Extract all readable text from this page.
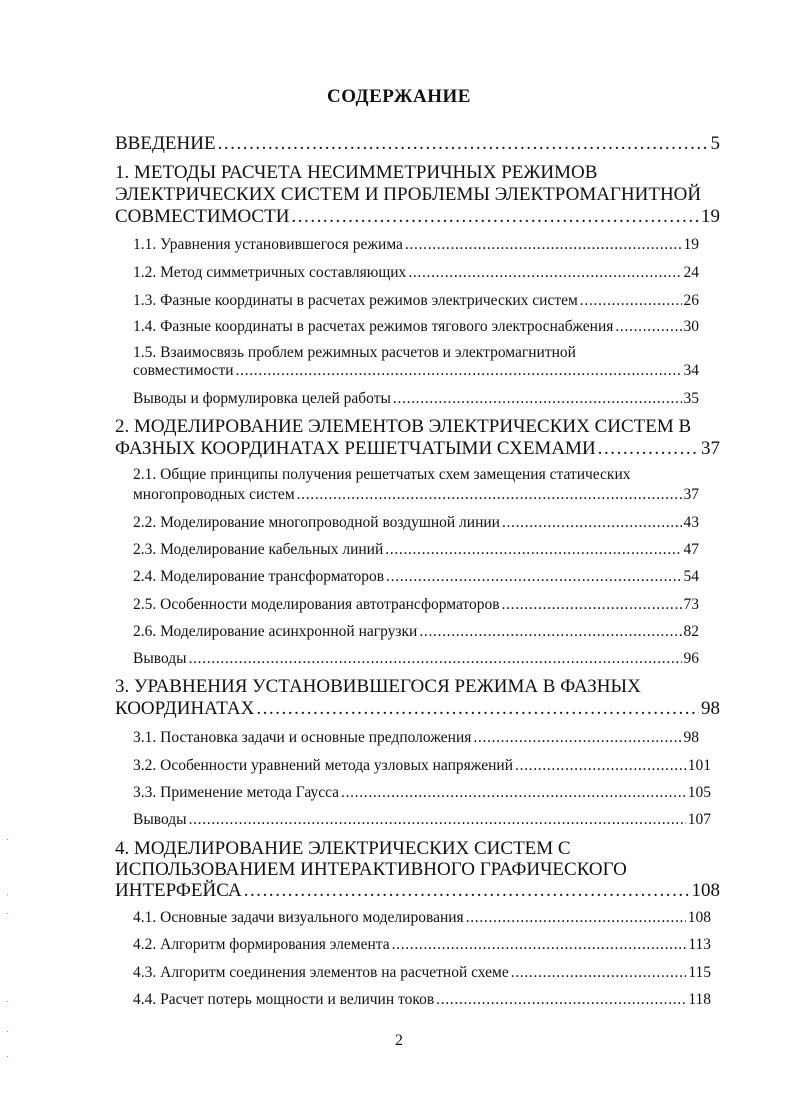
СОДЕРЖАНИЕ
ВВЕДЕНИЕ . . .	5
1. МЕТОДЫ РАСЧЕТА НЕСИММЕТРИЧНЫХ РЕЖИМОВ
ЭЛЕКТРИЧЕСКИХ СИСТЕМ И ПРОБЛЕМЫ ЭЛЕКТРОМАГНИТНОЙ
СОВМЕСТИМОСТИ . . .	19
1.1. Уравнения установившегося режима . . .	19
1.2. Метод симметричных составляющих . . .	24
1.3. Фазные координаты в расчетах режимов электрических систем . . .	26
1.4. Фазные координаты в расчетах режимов тягового электроснабжения . . .	30
1.5. Взаимосвязь проблем режимных расчетов и электромагнитной
совместимости . . .	34
Выводы и формулировка целей работы . . .	35
2. МОДЕЛИРОВАНИЕ ЭЛЕМЕНТОВ ЭЛЕКТРИЧЕСКИХ СИСТЕМ В
ФАЗНЫХ КООРДИНАТАХ РЕШЕТЧАТЫМИ СХЕМАМИ . . .	37
2.1. Общие принципы получения решетчатых схем замещения статических
многопроводных систем . . .	37
2.2. Моделирование многопроводной воздушной линии . . .	43
2.3. Моделирование кабельных линий . . .	47
2.4. Моделирование трансформаторов . . .	54
2.5. Особенности моделирования автотрансформаторов . . .	73
2.6. Моделирование асинхронной нагрузки . . .	82
Выводы . . .	96
3. УРАВНЕНИЯ УСТАНОВИВШЕГОСЯ РЕЖИМА В ФАЗНЫХ
КООРДИНАТАХ . . .	98
3.1. Постановка задачи и основные предположения . . .	98
3.2. Особенности уравнений метода узловых напряжений . . .	101
3.3. Применение метода Гаусса . . .	105
Выводы . . .	107
4. МОДЕЛИРОВАНИЕ ЭЛЕКТРИЧЕСКИХ СИСТЕМ С
ИСПОЛЬЗОВАНИЕМ ИНТЕРАКТИВНОГО ГРАФИЧЕСКОГО
ИНТЕРФЕЙСА . . .	108
4.1. Основные задачи визуального моделирования . . .	108
4.2. Алгоритм формирования элемента . . .	113
4.3. Алгоритм соединения элементов на расчетной схеме . . .	115
4.4. Расчет потерь мощности и величин токов . . .	118
2
˙
ˌ
˙
˙
˙
˙
